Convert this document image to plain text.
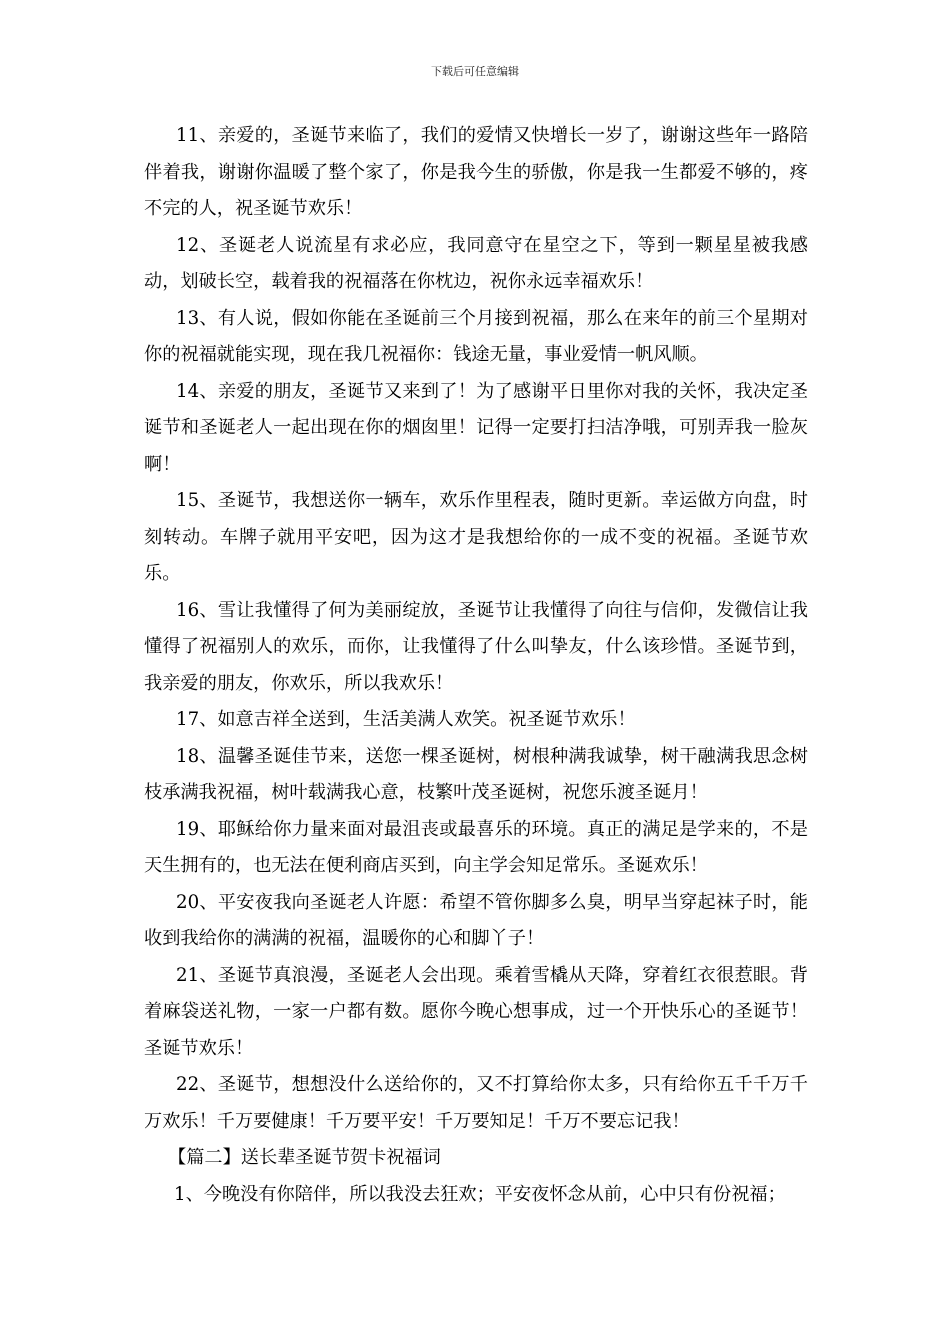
下载后可任意编辑

11、亲爱的，圣诞节来临了，我们的爱情又快增长一岁了，谢谢这些年一路陪伴着我，谢谢你温暖了整个家了，你是我今生的骄傲，你是我一生都爱不够的，疼不完的人，祝圣诞节欢乐！

12、圣诞老人说流星有求必应，我同意守在星空之下，等到一颗星星被我感动，划破长空，载着我的祝福落在你枕边，祝你永远幸福欢乐！

13、有人说，假如你能在圣诞前三个月接到祝福，那么在来年的前三个星期对你的祝福就能实现，现在我几祝福你：钱途无量，事业爱情一帆风顺。

14、亲爱的朋友，圣诞节又来到了！为了感谢平日里你对我的关怀，我决定圣诞节和圣诞老人一起出现在你的烟囱里！记得一定要打扫洁净哦，可别弄我一脸灰啊！

15、圣诞节，我想送你一辆车，欢乐作里程表，随时更新。幸运做方向盘，时刻转动。车牌子就用平安吧，因为这才是我想给你的一成不变的祝福。圣诞节欢乐。

16、雪让我懂得了何为美丽绽放，圣诞节让我懂得了向往与信仰，发微信让我懂得了祝福别人的欢乐，而你，让我懂得了什么叫挚友，什么该珍惜。圣诞节到，我亲爱的朋友，你欢乐，所以我欢乐！

17、如意吉祥全送到，生活美满人欢笑。祝圣诞节欢乐！

18、温馨圣诞佳节来，送您一棵圣诞树，树根种满我诚挚，树干融满我思念树枝承满我祝福，树叶载满我心意，枝繁叶茂圣诞树，祝您乐渡圣诞月！

19、耶稣给你力量来面对最沮丧或最喜乐的环境。真正的满足是学来的，不是天生拥有的，也无法在便利商店买到，向主学会知足常乐。圣诞欢乐！

20、平安夜我向圣诞老人许愿：希望不管你脚多么臭，明早当穿起袜子时，能收到我给你的满满的祝福，温暖你的心和脚丫子！

21、圣诞节真浪漫，圣诞老人会出现。乘着雪橇从天降，穿着红衣很惹眼。背着麻袋送礼物，一家一户都有数。愿你今晚心想事成，过一个开快乐心的圣诞节！圣诞节欢乐！

22、圣诞节，想想没什么送给你的，又不打算给你太多，只有给你五千千万千万欢乐！千万要健康！千万要平安！千万要知足！千万不要忘记我！

【篇二】送长辈圣诞节贺卡祝福词

1、今晚没有你陪伴，所以我没去狂欢；平安夜怀念从前，心中只有份祝福；
